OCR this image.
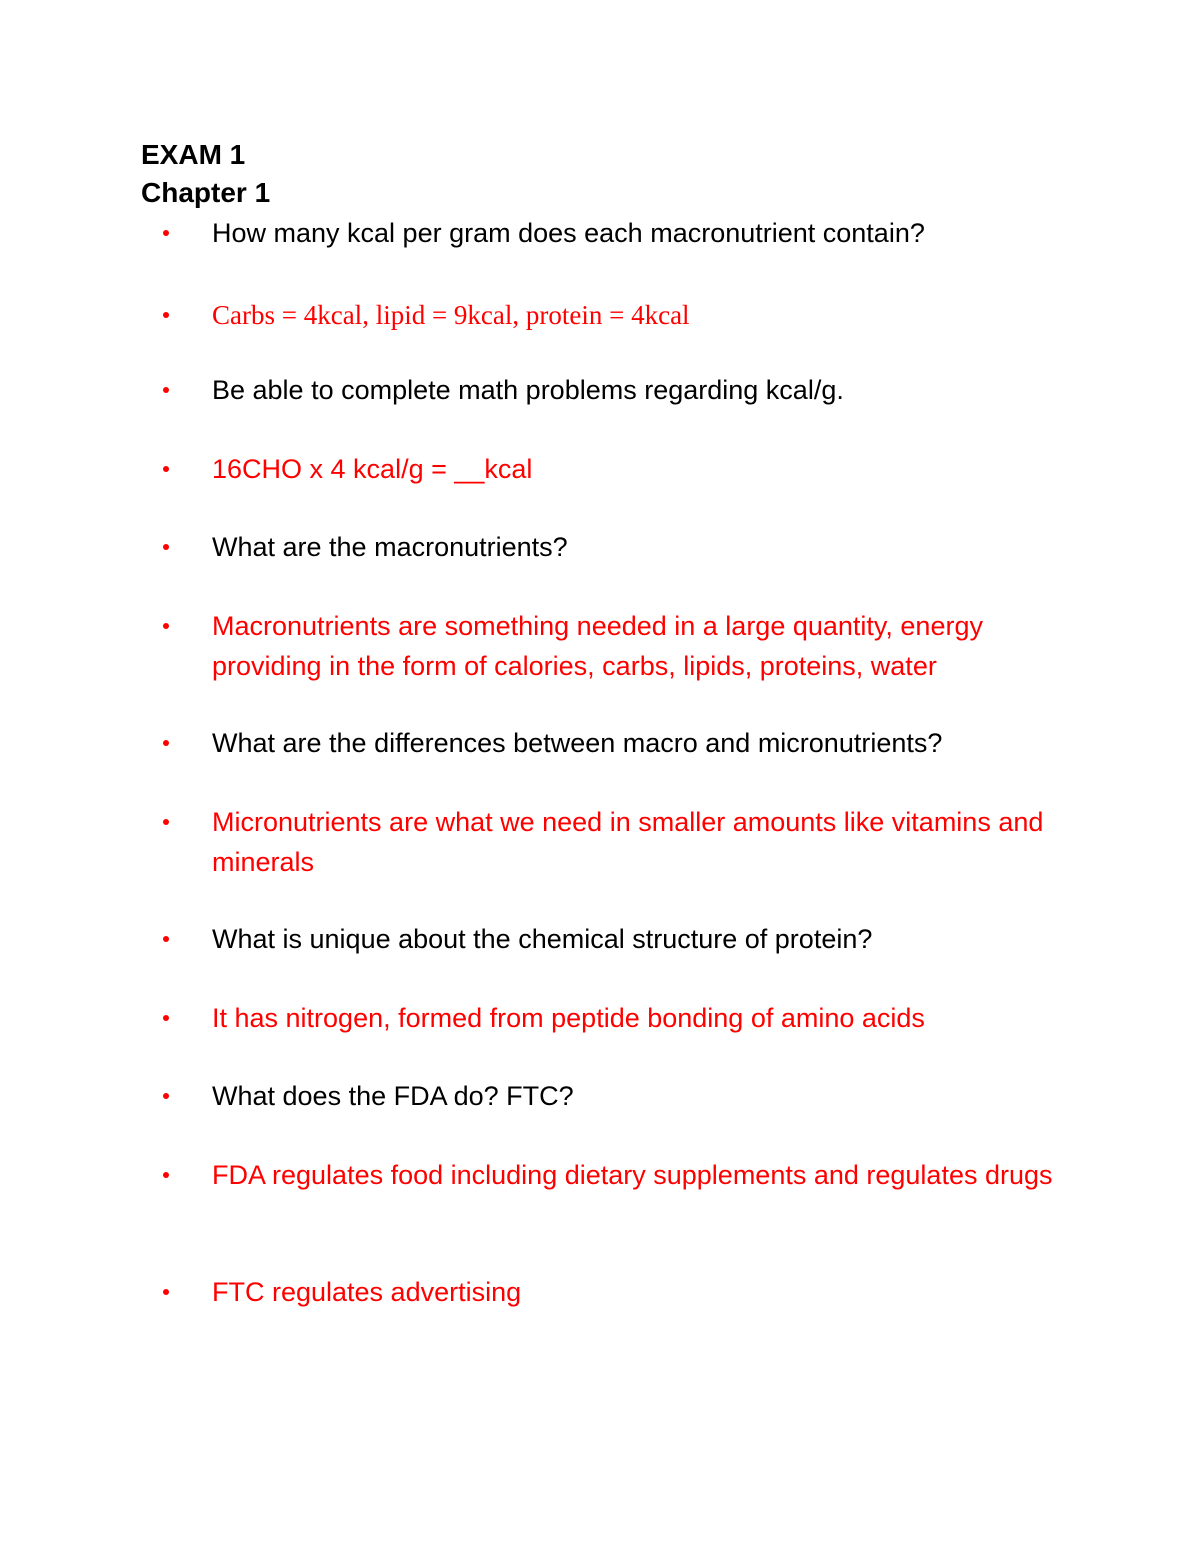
EXAM 1
Chapter 1
How many kcal per gram does each macronutrient contain?
Carbs = 4kcal, lipid = 9kcal, protein = 4kcal
Be able to complete math problems regarding kcal/g.
16CHO x 4 kcal/g = __kcal
What are the macronutrients?
Macronutrients are something needed in a large quantity, energy providing in the form of calories, carbs, lipids, proteins, water
What are the differences between macro and micronutrients?
Micronutrients are what we need in smaller amounts like vitamins and minerals
What is unique about the chemical structure of protein?
It has nitrogen, formed from peptide bonding of amino acids
What does the FDA do? FTC?
FDA regulates food including dietary supplements and regulates drugs
FTC regulates advertising
